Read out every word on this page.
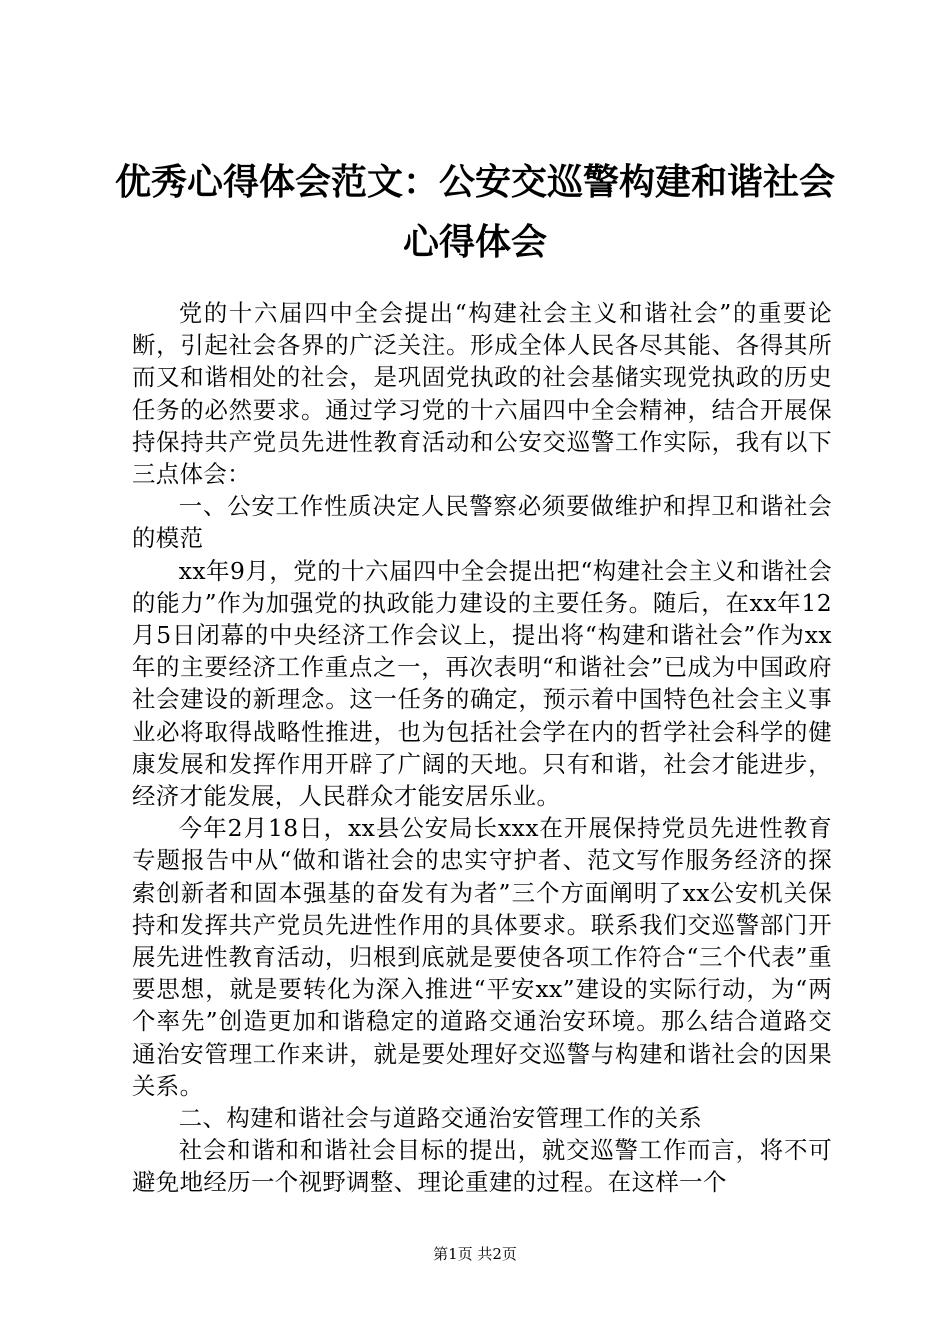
优秀心得体会范文：公安交巡警构建和谐社会
心得体会

党的十六届四中全会提出“构建社会主义和谐社会”的重要论断，引起社会各界的广泛关注。形成全体人民各尽其能、各得其所而又和谐相处的社会，是巩固党执政的社会基储实现党执政的历史任务的必然要求。通过学习党的十六届四中全会精神，结合开展保持保持共产党员先进性教育活动和公安交巡警工作实际，我有以下三点体会：

一、公安工作性质决定人民警察必须要做维护和捍卫和谐社会的模范

xx年9月，党的十六届四中全会提出把“构建社会主义和谐社会的能力”作为加强党的执政能力建设的主要任务。随后，在xx年12月5日闭幕的中央经济工作会议上，提出将“构建和谐社会”作为xx年的主要经济工作重点之一，再次表明“和谐社会”已成为中国政府社会建设的新理念。这一任务的确定，预示着中国特色社会主义事业必将取得战略性推进，也为包括社会学在内的哲学社会科学的健康发展和发挥作用开辟了广阔的天地。只有和谐，社会才能进步，经济才能发展，人民群众才能安居乐业。

今年2月18日，xx县公安局长xxx在开展保持党员先进性教育专题报告中从“做和谐社会的忠实守护者、范文写作服务经济的探索创新者和固本强基的奋发有为者”三个方面阐明了xx公安机关保持和发挥共产党员先进性作用的具体要求。联系我们交巡警部门开展先进性教育活动，归根到底就是要使各项工作符合“三个代表”重要思想，就是要转化为深入推进“平安xx”建设的实际行动，为“两个率先”创造更加和谐稳定的道路交通治安环境。那么结合道路交通治安管理工作来讲，就是要处理好交巡警与构建和谐社会的因果关系。

二、构建和谐社会与道路交通治安管理工作的关系

社会和谐和和谐社会目标的提出，就交巡警工作而言，将不可避免地经历一个视野调整、理论重建的过程。在这样一个

第1页 共2页
